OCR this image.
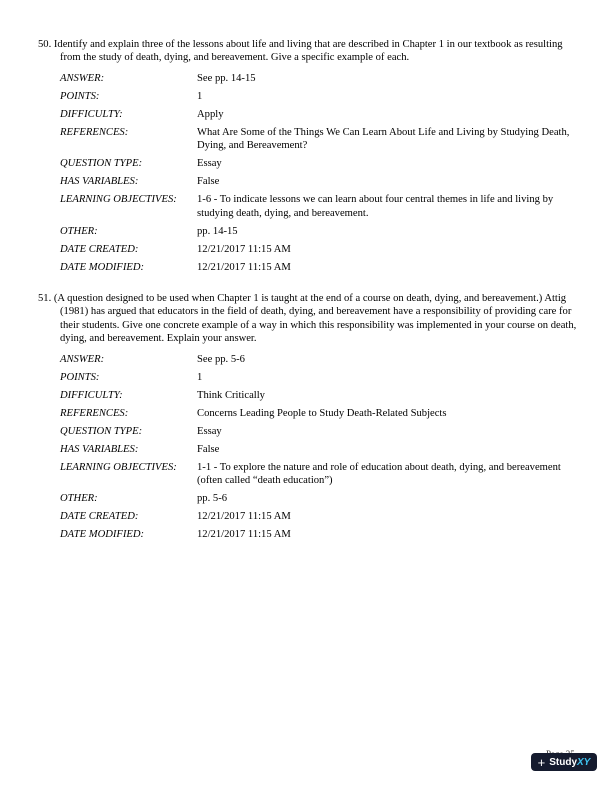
50. Identify and explain three of the lessons about life and living that are described in Chapter 1 in our textbook as resulting from the study of death, dying, and bereavement. Give a specific example of each.

ANSWER:	See pp. 14-15
POINTS:	1
DIFFICULTY:	Apply
REFERENCES:	What Are Some of the Things We Can Learn About Life and Living by Studying Death, Dying, and Bereavement?
QUESTION TYPE:	Essay
HAS VARIABLES:	False
LEARNING OBJECTIVES:	1-6 - To indicate lessons we can learn about four central themes in life and living by studying death, dying, and bereavement.
OTHER:	pp. 14-15
DATE CREATED:	12/21/2017 11:15 AM
DATE MODIFIED:	12/21/2017 11:15 AM

51. (A question designed to be used when Chapter 1 is taught at the end of a course on death, dying, and bereavement.) Attig (1981) has argued that educators in the field of death, dying, and bereavement have a responsibility of providing care for their students. Give one concrete example of a way in which this responsibility was implemented in your course on death, dying, and bereavement. Explain your answer.

ANSWER:	See pp. 5-6
POINTS:	1
DIFFICULTY:	Think Critically
REFERENCES:	Concerns Leading People to Study Death-Related Subjects
QUESTION TYPE:	Essay
HAS VARIABLES:	False
LEARNING OBJECTIVES:	1-1 - To explore the nature and role of education about death, dying, and bereavement (often called “death education”)
OTHER:	pp. 5-6
DATE CREATED:	12/21/2017 11:15 AM
DATE MODIFIED:	12/21/2017 11:15 AM
+ StudyXY
